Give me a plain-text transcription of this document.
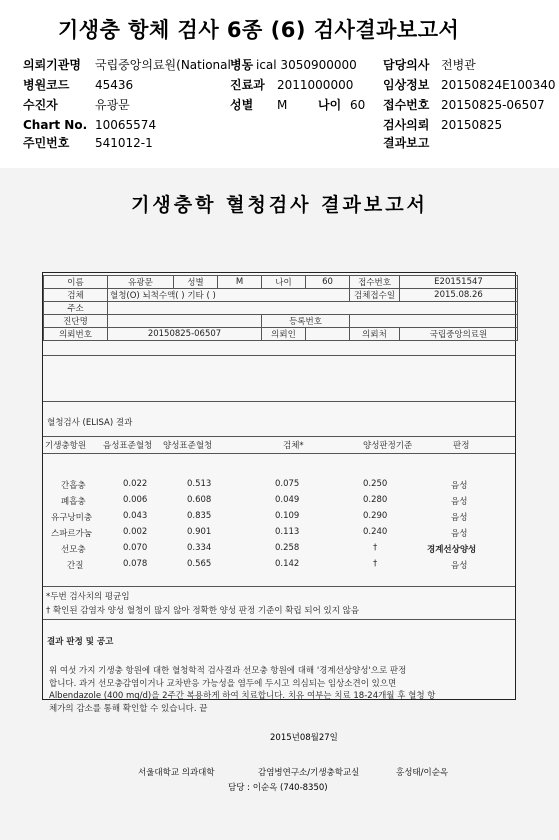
기생충 항체 검사 6종 (6) 검사결과보고서
의뢰기관명 국립중앙의료원(National 병동 ical 3050900000 담당의사 전병관
병원코드 45436	진료과 2011000000 임상정보 20150824E100340
수진자	유광문	성별 M	나이 60 접수번호 20150825-06507
Chart No. 10065574	검사의뢰 20150825
주민번호 541012-1	결과보고
기생충학 혈청검사 결과보고서
이름	유광문	성별	M	나이	60	접수번호	E20151547
검체	혈청(O) 뇌척수액( ) 기타 ( )					검체접수일	2015.08.26
주소							
진단명				등록번호			
의뢰번호	20150825-06507			의뢰인		의뢰처	국립중앙의료원
혈청검사 (ELISA) 결과
기생충항원 음성표준혈청 양성표준혈청	검체*	양성판정기준	판정
간흡충	0.022	0.513	0.075	0.250	음성
폐흡충	0.006	0.608	0.049	0.280	음성
유구낭미충	0.043	0.835	0.109	0.290	음성
스파르가눔	0.002	0.901	0.113	0.240	음성
선모충	0.070	0.334	0.258	†	경계선상양성
간질	0.078	0.565	0.142	†	음성
*두번 검사치의 평균임
† 확인된 감염자 양성 혈청이 많지 않아 정확한 양성 판정 기준이 확립 되어 있지 않음
결과 판정 및 공고

위 여섯 가지 기생충 항원에 대한 혈청학적 검사결과 선모충 항원에 대해 '경계선상양성'으로 판정

합니다. 과거 선모충감염이거나 교차반응 가능성을 염두에 두시고 의심되는 임상소견이 있으면

Albendazole (400 mg/d)을 2주간 복용하게 하여 치료합니다. 치유 여부는 치료 18-24개월 후 혈청 항

체가의 감소를 통해 확인할 수 있습니다. 끝

2015년08월27일
서울대학교 의과대학	감염병연구소/기생충학교실	홍성태/이순옥
담당 : 이순옥 (740-8350)
